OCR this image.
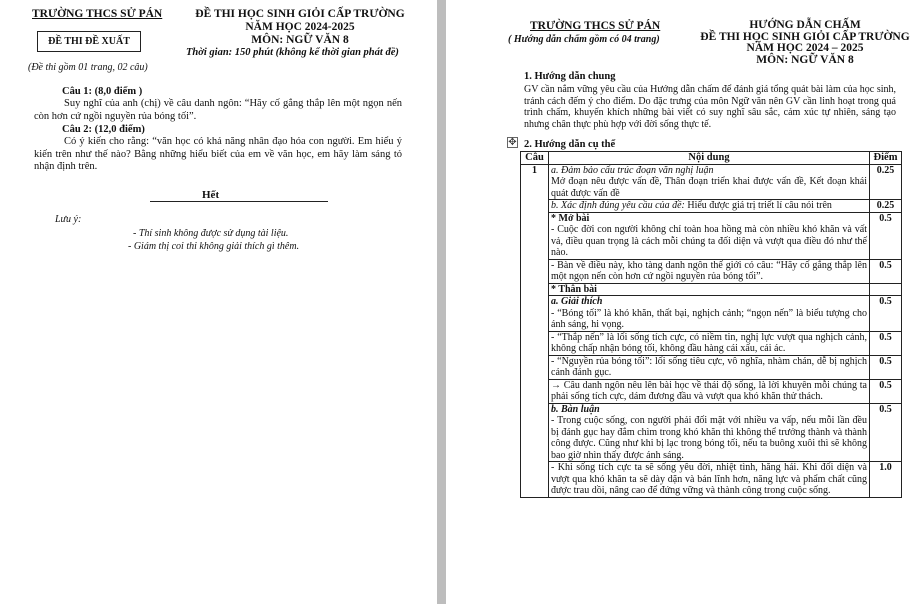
TRƯỜNG THCS SỬ PÁN	ĐỀ THI HỌC SINH GIỎI CẤP TRƯỜNG
NĂM HỌC 2024-2025
MÔN: NGỮ VĂN 8
ĐỀ THI ĐỀ XUẤT
Thời gian: 150 phút (không kể thời gian phát đề)
(Đề thi gồm 01 trang, 02 câu)
Câu 1: (8,0 điểm )
Suy nghĩ của anh (chị) về câu danh ngôn: “Hãy cố gắng thắp lên một ngọn nến còn hơn cứ ngồi nguyền rủa bóng tối”.
Câu 2: (12,0 điểm)
Có ý kiến cho rằng: “văn học có khả năng nhân đạo hóa con người. Em hiểu ý kiến trên như thế nào? Bằng những hiểu biết của em về văn học, em hãy làm sáng tỏ nhận định trên.
Hết
Lưu ý:
- Thí sinh không được sử dụng tài liệu.
- Giám thị coi thi không giải thích gì thêm.
TRƯỜNG THCS SỬ PÁN
( Hướng dẫn chấm gồm có 04 trang)
HƯỚNG DẪN CHẤM
ĐỀ THI HỌC SINH GIỎI CẤP TRƯỜNG
NĂM HỌC 2024 – 2025
MÔN: NGỮ VĂN 8
1. Hướng dẫn chung
GV cần nắm vững yêu cầu của Hướng dẫn chấm để đánh giá tổng quát bài làm của học sinh, tránh cách đếm ý cho điểm. Do đặc trưng của môn Ngữ văn nên GV cần linh hoạt trong quá trình chấm, khuyến khích những bài viết có suy nghĩ sâu sắc, cảm xúc tự nhiên, sáng tạo nhưng chân thực phù hợp với đời sống thực tế.
✥ 2. Hướng dẫn cụ thể
Câu	Nội dung	Điểm
1	a. Đảm bảo cấu trúc đoạn văn nghị luận
Mở đoạn nêu được vấn đề, Thân đoạn triển khai được vấn đề, Kết đoạn khái quát được vấn đề	0.25
	b. Xác định đúng yêu cầu của đề: Hiểu được giá trị triết lí câu nói trên	0.25
	* Mở bài
- Cuộc đời con người không chỉ toàn hoa hồng mà còn nhiều khó khăn và vất vả, điều quan trọng là cách mỗi chúng ta đối diện và vượt qua điều đó như thế nào.	0.5
	- Bàn về điều này, kho tàng danh ngôn thế giới có câu: “Hãy cố gắng thắp lên một ngọn nến còn hơn cứ ngồi nguyền rủa bóng tối”.	0.5
	* Thân bài	
	a. Giải thích
- “Bóng tối” là khó khăn, thất bại, nghịch cảnh; “ngọn nến” là biểu tượng cho ánh sáng, hi vọng.	0.5
	- “Thắp nến” là lối sống tích cực, có niềm tin, nghị lực vượt qua nghịch cảnh, không chấp nhận bóng tối, không đầu hàng cái xấu, cái ác.	0.5
	- “Nguyền rủa bóng tối”: lối sống tiêu cực, vô nghĩa, nhàm chán, dễ bị nghịch cảnh đánh gục.	0.5
	→ Câu danh ngôn nêu lên bài học về thái độ sống, là lời khuyên mỗi chúng ta phải sống tích cực, dám đương đầu và vượt qua khó khăn thử thách.	0.5
	b. Bàn luận
- Trong cuộc sống, con người phải đối mặt với nhiều va vấp, nếu mỗi lần đều bị đánh gục hay đắm chìm trong khó khăn thì không thể trưởng thành và thành công được. Cũng như khi bị lạc trong bóng tối, nếu ta buông xuôi thì sẽ không bao giờ nhìn thấy được ánh sáng.	0.5
	- Khi sống tích cực ta sẽ sống yêu đời, nhiệt tình, hăng hái. Khi đối diện và vượt qua khó khăn ta sẽ dày dặn và bản lĩnh hơn, năng lực và phẩm chất cũng được trau dồi, nâng cao để đứng vững và thành công trong cuộc sống.	1.0
